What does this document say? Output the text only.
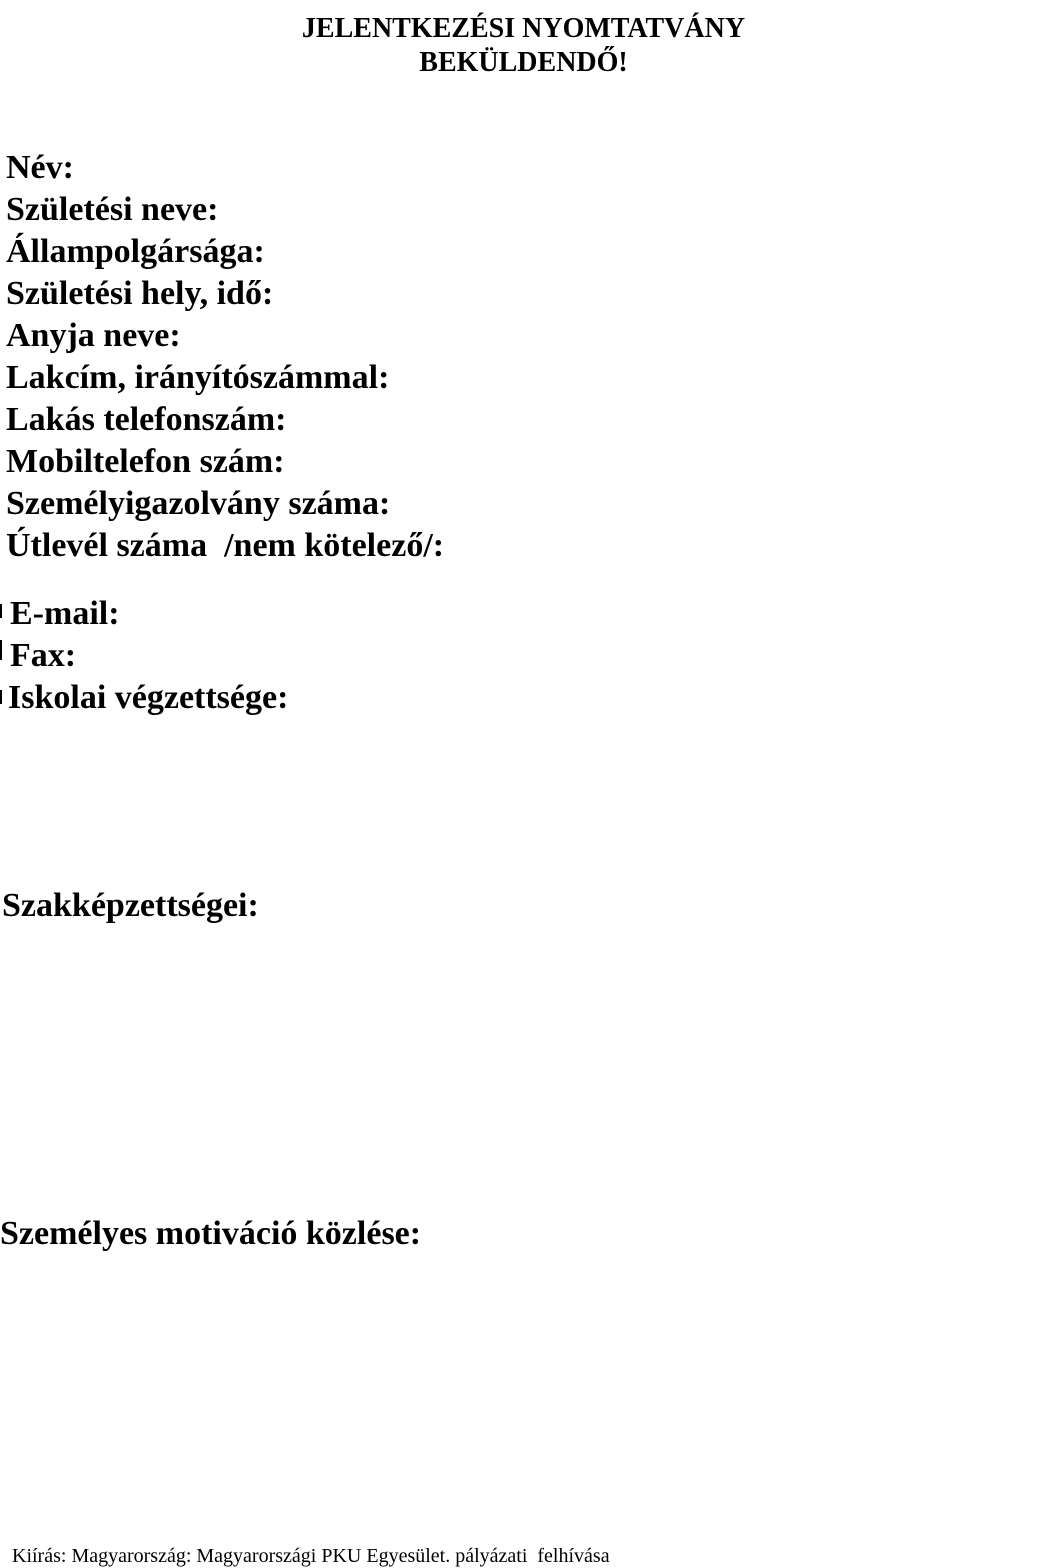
JELENTKEZÉSI NYOMTATVÁNY
BEKÜLDENDŐ!
Név:
Születési neve:
Állampolgársága:
Születési hely, idő:
Anyja neve:
Lakcím, irányítószámmal:
Lakás telefonszám:
Mobiltelefon szám:
Személyigazolvány száma:
Útlevél száma  /nem kötelező/:
E-mail:
Fax:
Iskolai végzettsége:
Szakképzettségei:
Személyes motiváció közlése:

Kiírás: Magyarország: Magyarországi PKU Egyesület. pályázati  felhívása
